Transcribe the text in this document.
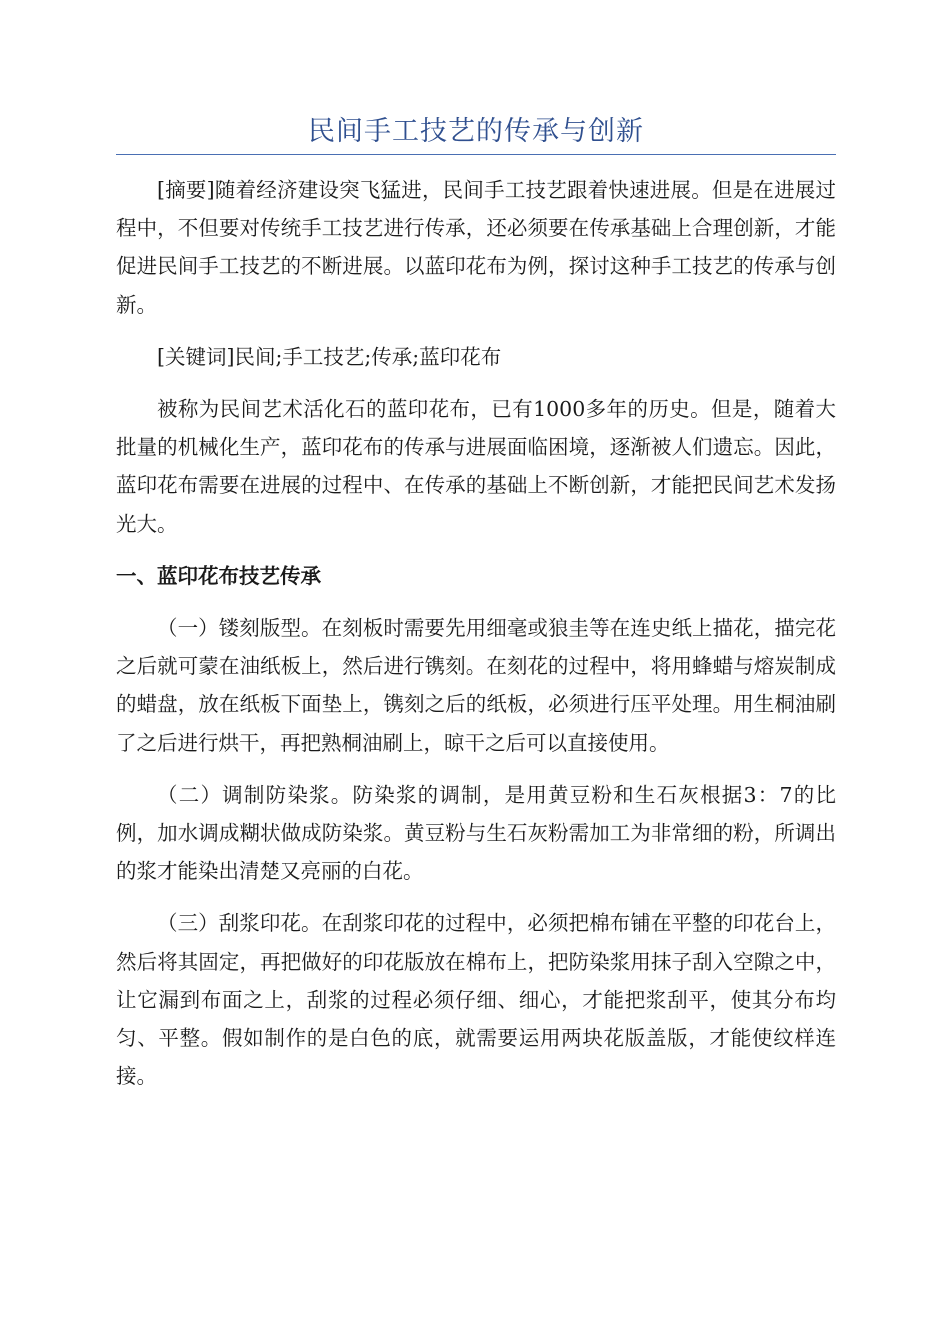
民间手工技艺的传承与创新

[摘要]随着经济建设突飞猛进，民间手工技艺跟着快速进展。但是在进展过程中，不但要对传统手工技艺进行传承，还必须要在传承基础上合理创新，才能促进民间手工技艺的不断进展。以蓝印花布为例，探讨这种手工技艺的传承与创新。

[关键词]民间;手工技艺;传承;蓝印花布

被称为民间艺术活化石的蓝印花布，已有1000多年的历史。但是，随着大批量的机械化生产，蓝印花布的传承与进展面临困境，逐渐被人们遗忘。因此，蓝印花布需要在进展的过程中、在传承的基础上不断创新，才能把民间艺术发扬光大。

一、蓝印花布技艺传承

（一）镂刻版型。在刻板时需要先用细毫或狼圭等在连史纸上描花，描完花之后就可蒙在油纸板上，然后进行镌刻。在刻花的过程中，将用蜂蜡与熔炭制成的蜡盘，放在纸板下面垫上，镌刻之后的纸板，必须进行压平处理。用生桐油刷了之后进行烘干，再把熟桐油刷上，晾干之后可以直接使用。

（二）调制防染浆。防染浆的调制，是用黄豆粉和生石灰根据3：7的比例，加水调成糊状做成防染浆。黄豆粉与生石灰粉需加工为非常细的粉，所调出的浆才能染出清楚又亮丽的白花。

（三）刮浆印花。在刮浆印花的过程中，必须把棉布铺在平整的印花台上，然后将其固定，再把做好的印花版放在棉布上，把防染浆用抹子刮入空隙之中，让它漏到布面之上，刮浆的过程必须仔细、细心，才能把浆刮平，使其分布均匀、平整。假如制作的是白色的底，就需要运用两块花版盖版，才能使纹样连接。
